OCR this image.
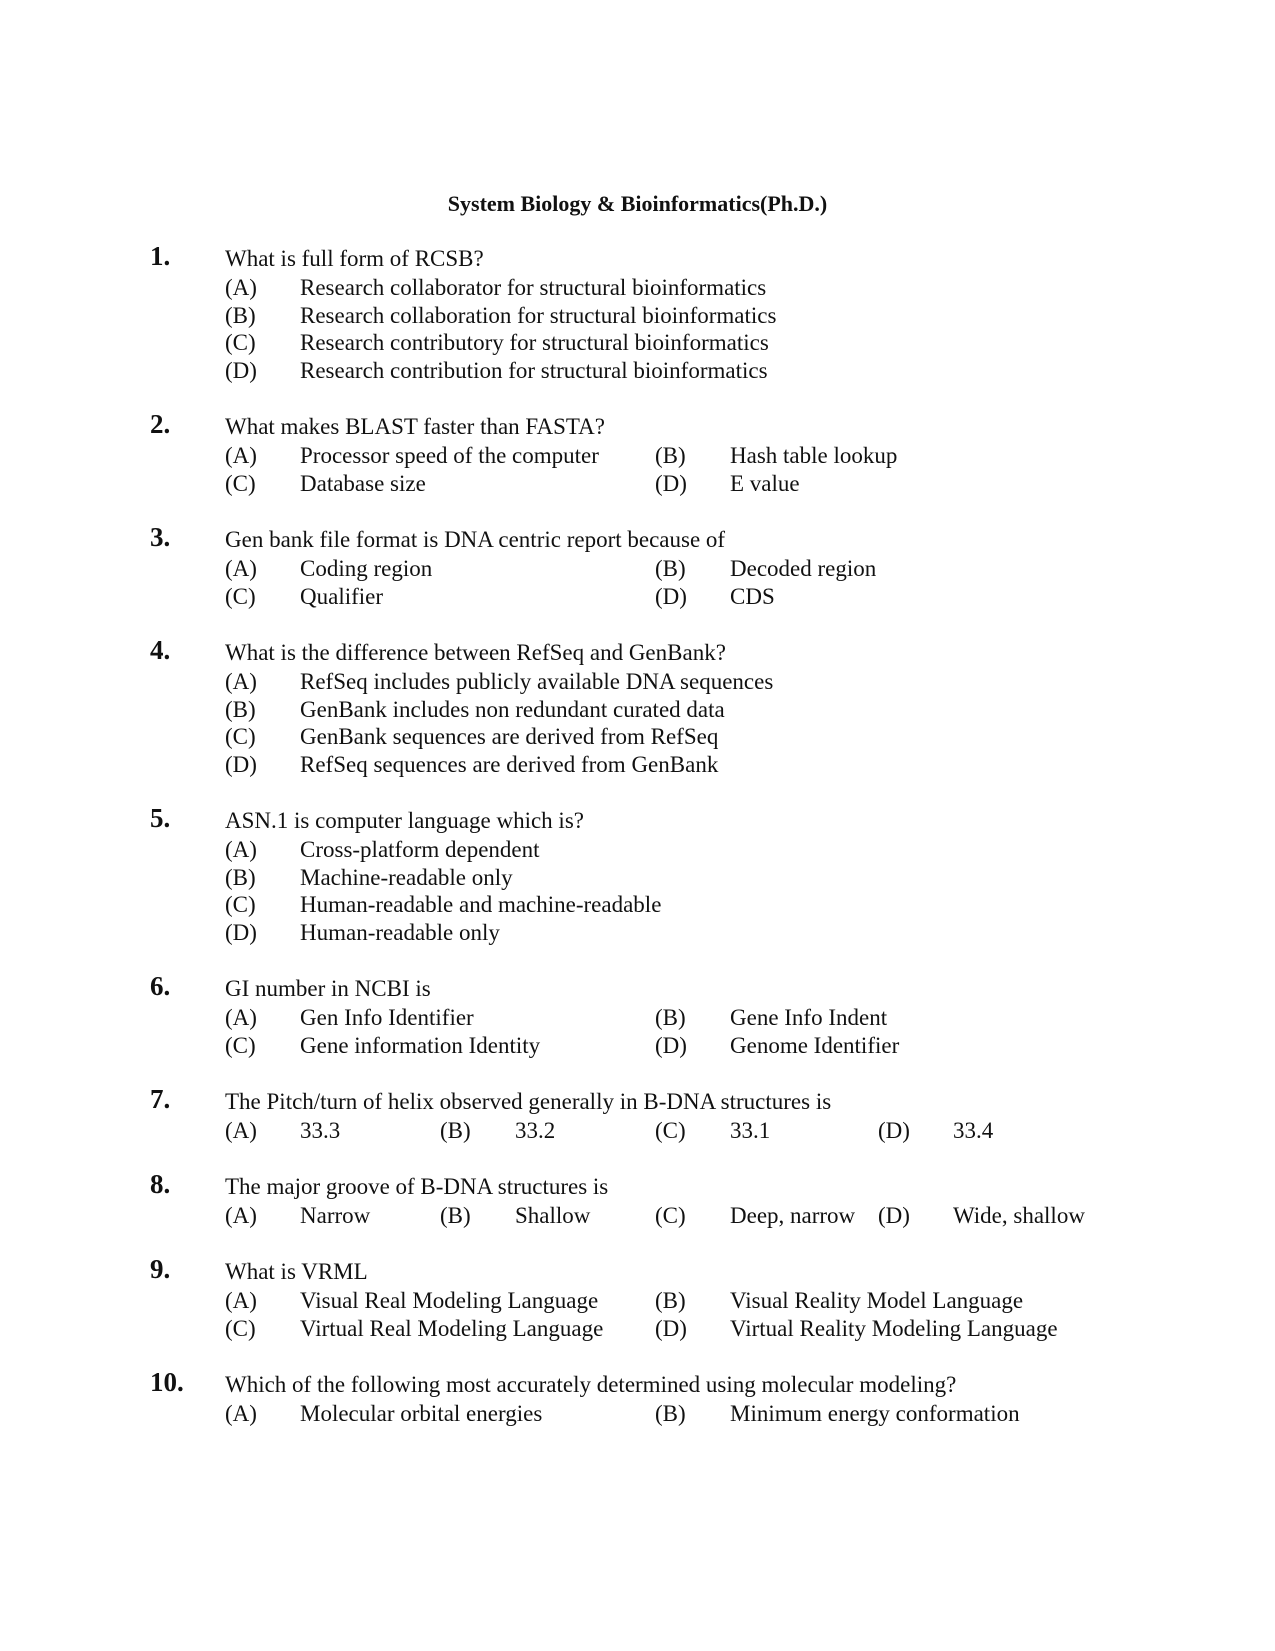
System Biology & Bioinformatics(Ph.D.)
1. What is full form of RCSB?
(A) Research collaborator for structural bioinformatics
(B) Research collaboration for structural bioinformatics
(C) Research contributory for structural bioinformatics
(D) Research contribution for structural bioinformatics
2. What makes BLAST faster than FASTA?
(A) Processor speed of the computer (B) Hash table lookup
(C) Database size	(D) E value
3. Gen bank file format is DNA centric report because of
(A) Coding region	(B) Decoded region
(C) Qualifier	(D) CDS
4. What is the difference between RefSeq and GenBank?
(A) RefSeq includes publicly available DNA sequences
(B) GenBank includes non redundant curated data
(C) GenBank sequences are derived from RefSeq
(D) RefSeq sequences are derived from GenBank
5. ASN.1 is computer language which is?
(A) Cross-platform dependent
(B) Machine-readable only
(C) Human-readable and machine-readable
(D) Human-readable only
6. GI number in NCBI is
(A) Gen Info Identifier	(B) Gene Info Indent
(C) Gene information Identity	(D) Genome Identifier
7. The Pitch/turn of helix observed generally in B-DNA structures is
(A) 33.3	(B) 33.2	(C) 33.1	(D) 33.4
8. The major groove of B-DNA structures is
(A) Narrow	(B) Shallow	(C) Deep, narrow (D) Wide, shallow
9. What is VRML
(A) Visual Real Modeling Language (B) Visual Reality Model Language
(C) Virtual Real Modeling Language (D) Virtual Reality Modeling Language
10. Which of the following most accurately determined using molecular modeling?
(A) Molecular orbital energies	(B) Minimum energy conformation
